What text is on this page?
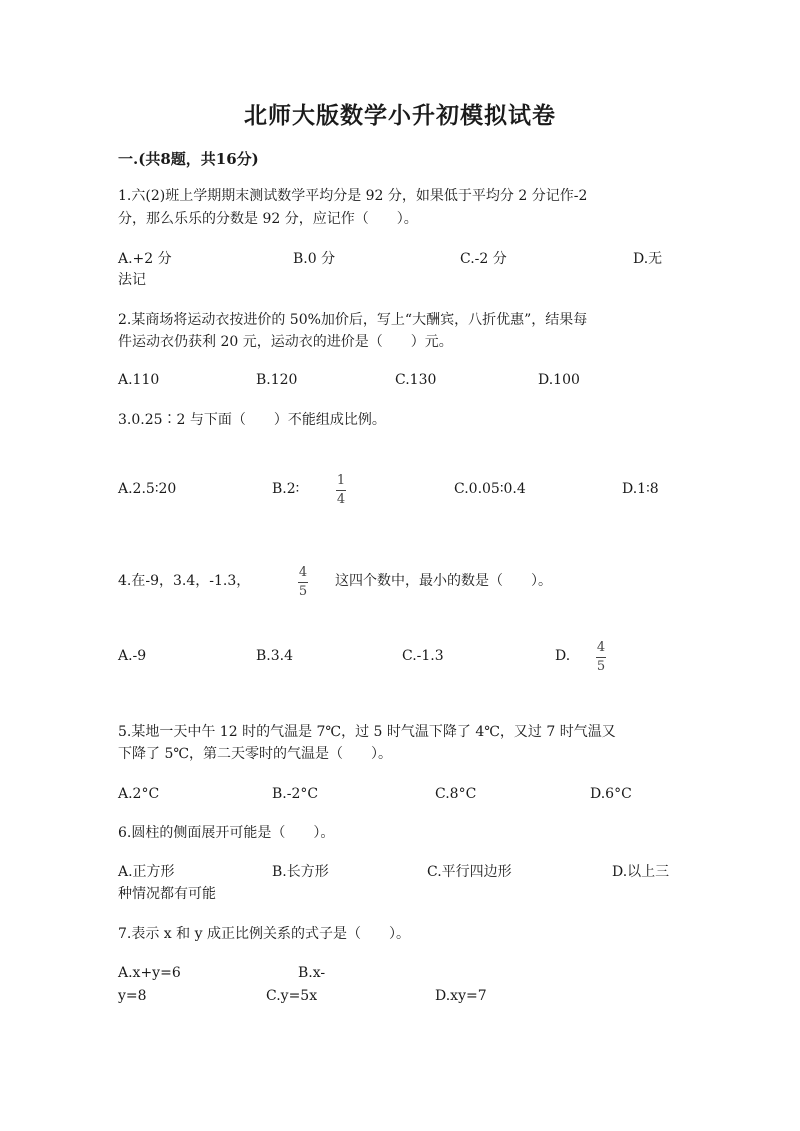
北师大版数学小升初模拟试卷
一.(共8题，共16分)
1.六(2)班上学期期末测试数学平均分是 92 分，如果低于平均分 2 分记作-2
分，那么乐乐的分数是 92 分，应记作（　　）。
A.+2 分	B.0 分	C.-2 分	D.无
法记
2.某商场将运动衣按进价的 50%加价后，写上“大酬宾，八折优惠”，结果每
件运动衣仍获利 20 元，运动衣的进价是（　　）元。
A.110	B.120	C.130	D.100
3.0.25∶2 与下面（　　）不能组成比例。
A.2.5∶20	B.2∶
1
4
C.0.05∶0.4	D.1∶8
4.在-9，3.4，-1.3，
4
5
这四个数中，最小的数是（　　）。
A.-9	B.3.4	C.-1.3	D.
4
5
5.某地一天中午 12 时的气温是 7℃，过 5 时气温下降了 4℃，又过 7 时气温又
下降了 5℃，第二天零时的气温是（　　）。
A.2°C	B.-2°C	C.8°C	D.6°C
6.圆柱的侧面展开可能是（　　）。
A.正方形	B.长方形	C.平行四边形	D.以上三
种情况都有可能
7.表示 x 和 y 成正比例关系的式子是（　　）。
A.x+y=6	B.x-
y=8	C.y=5x	D.xy=7
